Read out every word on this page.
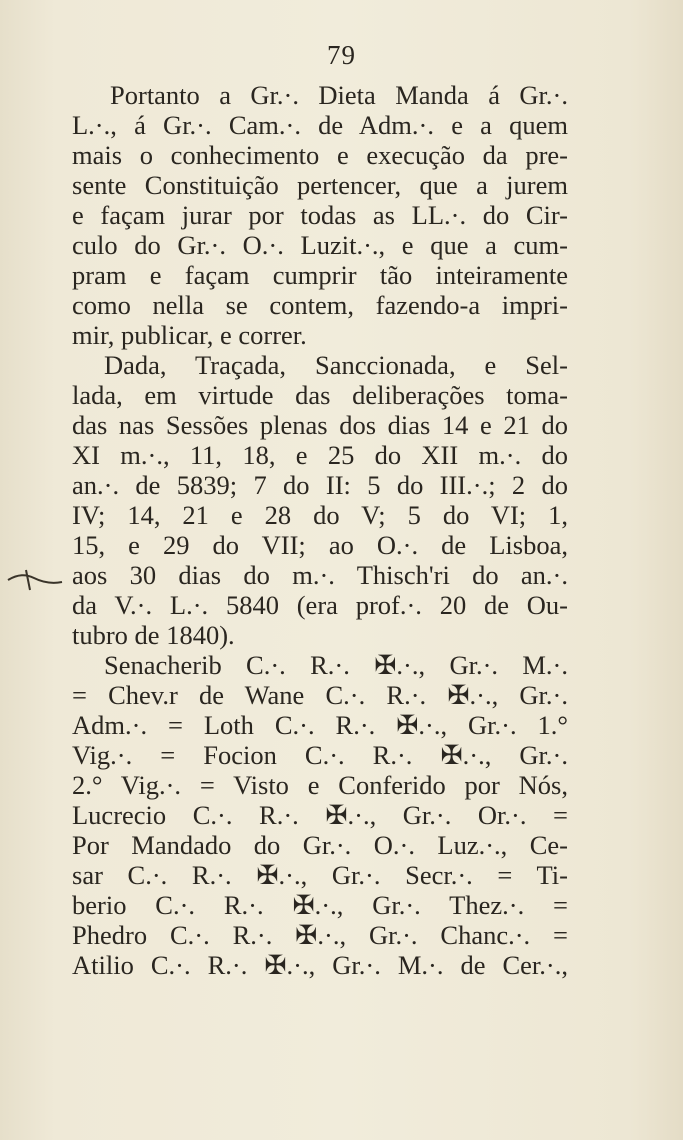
79
Portanto a Gr.·. Dieta Manda á Gr.·.
L.·., á Gr.·. Cam.·. de Adm.·. e a quem
mais o conhecimento e execução da pre-
sente Constituição pertencer, que a jurem
e façam jurar por todas as LL.·. do Cir-
culo do Gr.·. O.·. Luzit.·., e que a cum-
pram e façam cumprir tão inteiramente
como nella se contem, fazendo-a impri-
mir, publicar, e correr.
Dada, Traçada, Sanccionada, e Sel-
lada, em virtude das deliberações toma-
das nas Sessões plenas dos dias 14 e 21 do
XI m.·., 11, 18, e 25 do XII m.·. do
an.·. de 5839; 7 do II: 5 do III.·.; 2 do
IV; 14, 21 e 28 do V; 5 do VI; 1,
15, e 29 do VII; ao O.·. de Lisboa,
aos 30 dias do m.·. Thisch'ri do an.·.
da V.·. L.·. 5840 (era prof.·. 20 de Ou-
tubro de 1840).
Senacherib C.·. R.·. ✠.·., Gr.·. M.·.
= Chev.r de Wane C.·. R.·. ✠.·., Gr.·.
Adm.·. = Loth C.·. R.·. ✠.·., Gr.·. 1.°
Vig.·. = Focion C.·. R.·. ✠.·., Gr.·.
2.° Vig.·. = Visto e Conferido por Nós,
Lucrecio C.·. R.·. ✠.·., Gr.·. Or.·. =
Por Mandado do Gr.·. O.·. Luz.·., Ce-
sar C.·. R.·. ✠.·., Gr.·. Secr.·. = Ti-
berio C.·. R.·. ✠.·., Gr.·. Thez.·. =
Phedro C.·. R.·. ✠.·., Gr.·. Chanc.·. =
Atilio C.·. R.·. ✠.·., Gr.·. M.·. de Cer.·.,
